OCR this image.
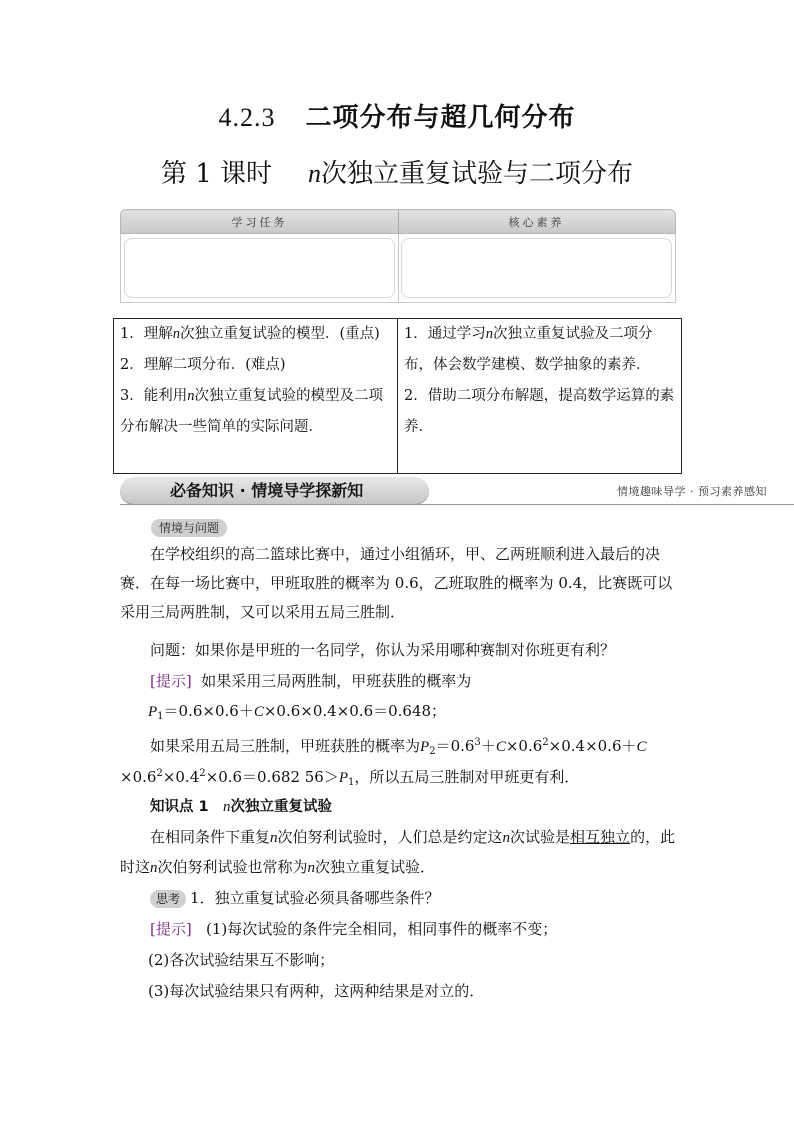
4.2.3 二项分布与超几何分布
第 1 课时 n次独立重复试验与二项分布
学习任务	核心素养
1．理解n次独立重复试验的模型．(重点)
2．理解二项分布．(难点)
3．能利用n次独立重复试验的模型及二项分布解决一些简单的实际问题．
1．通过学习n次独立重复试验及二项分布，体会数学建模、数学抽象的素养．
2．借助二项分布解题，提高数学运算的素养．
必备知识 · 情境导学探新知	情境趣味导学 · 预习素养感知
情境与问题
在学校组织的高二篮球比赛中，通过小组循环，甲、乙两班顺利进入最后的决赛．在每一场比赛中，甲班取胜的概率为 0.6，乙班取胜的概率为 0.4，比赛既可以采用三局两胜制，又可以采用五局三胜制．
问题：如果你是甲班的一名同学，你认为采用哪种赛制对你班更有利？
[提示] 如果采用三局两胜制，甲班获胜的概率为
$P_1=0.6\times 0.6+C\times 0.6\times 0.4\times 0.6=0.648$；
如果采用五局三胜制，甲班获胜的概率为$P_2=0.6^3+C\times 0.6^2\times 0.4\times 0.6+C$
$\times 0.6^2\times 0.4^2\times 0.6=0.682$ $56>P_1$，所以五局三胜制对甲班更有利．
知识点 1 n次独立重复试验
在相同条件下重复n次伯努利试验时，人们总是约定这n次试验是相互独立的，此时这n次伯努利试验也常称为n次独立重复试验．
思考 1．独立重复试验必须具备哪些条件？
[提示] (1)每次试验的条件完全相同，相同事件的概率不变；
(2)各次试验结果互不影响；
(3)每次试验结果只有两种，这两种结果是对立的．
